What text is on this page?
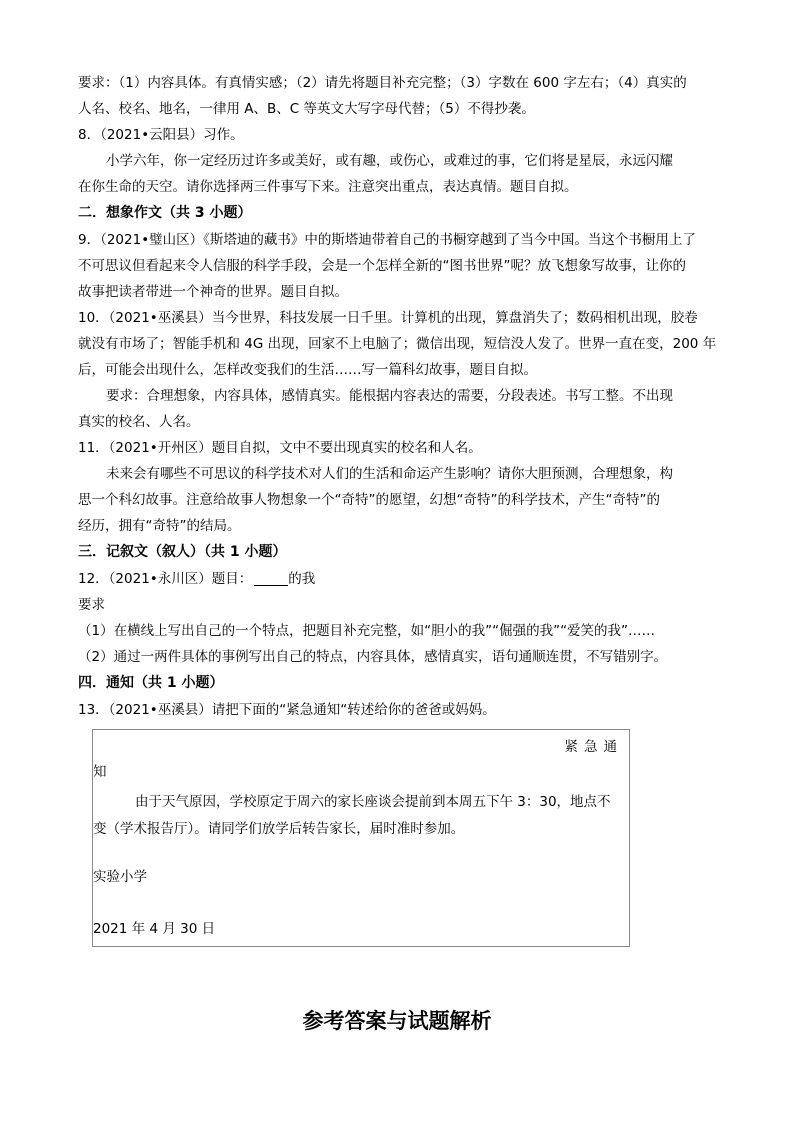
要求：（1）内容具体。有真情实感；（2）请先将题目补充完整；（3）字数在 600 字左右；（4）真实的

人名、校名、地名，一律用 A、B、C 等英文大写字母代替；（5）不得抄袭。

8．（2021•云阳县）习作。

小学六年，你一定经历过许多或美好，或有趣，或伤心，或难过的事，它们将是星辰，永远闪耀

在你生命的天空。请你选择两三件事写下来。注意突出重点，表达真情。题目自拟。

二．想象作文（共 3 小题）

9．（2021•璧山区）《斯塔迪的藏书》中的斯塔迪带着自己的书橱穿越到了当今中国。当这个书橱用上了

不可思议但看起来令人信服的科学手段，会是一个怎样全新的“图书世界”呢？放飞想象写故事，让你的

故事把读者带进一个神奇的世界。题目自拟。

10．（2021•巫溪县）当今世界，科技发展一日千里。计算机的出现，算盘消失了；数码相机出现，胶卷

就没有市场了；智能手机和 4G 出现，回家不上电脑了；微信出现，短信没人发了。世界一直在变，200 年

后，可能会出现什么，怎样改变我们的生活……写一篇科幻故事，题目自拟。

要求：合理想象，内容具体，感情真实。能根据内容表达的需要，分段表述。书写工整。不出现

真实的校名、人名。

11．（2021•开州区）题目自拟，文中不要出现真实的校名和人名。

未来会有哪些不可思议的科学技术对人们的生活和命运产生影响？请你大胆预测，合理想象，构

思一个科幻故事。注意给故事人物想象一个“奇特”的愿望，幻想“奇特”的科学技术，产生“奇特”的

经历，拥有“奇特”的结局。

三．记叙文（叙人）（共 1 小题）

12．（2021•永川区）题目：	的我

要求

（1）在横线上写出自己的一个特点，把题目补充完整，如“胆小的我”“倔强的我”“爱笑的我”……

（2）通过一两件具体的事例写出自己的特点，内容具体，感情真实，语句通顺连贯，不写错别字。

四．通知（共 1 小题）

13．（2021•巫溪县）请把下面的“紧急通知“转述给你的爸爸或妈妈。

紧急通

知

由于天气原因，学校原定于周六的家长座谈会提前到本周五下午 3：30，地点不

变（学术报告厅）。请同学们放学后转告家长，届时准时参加。

实验小学

2021 年 4 月 30 日

参考答案与试题解析
